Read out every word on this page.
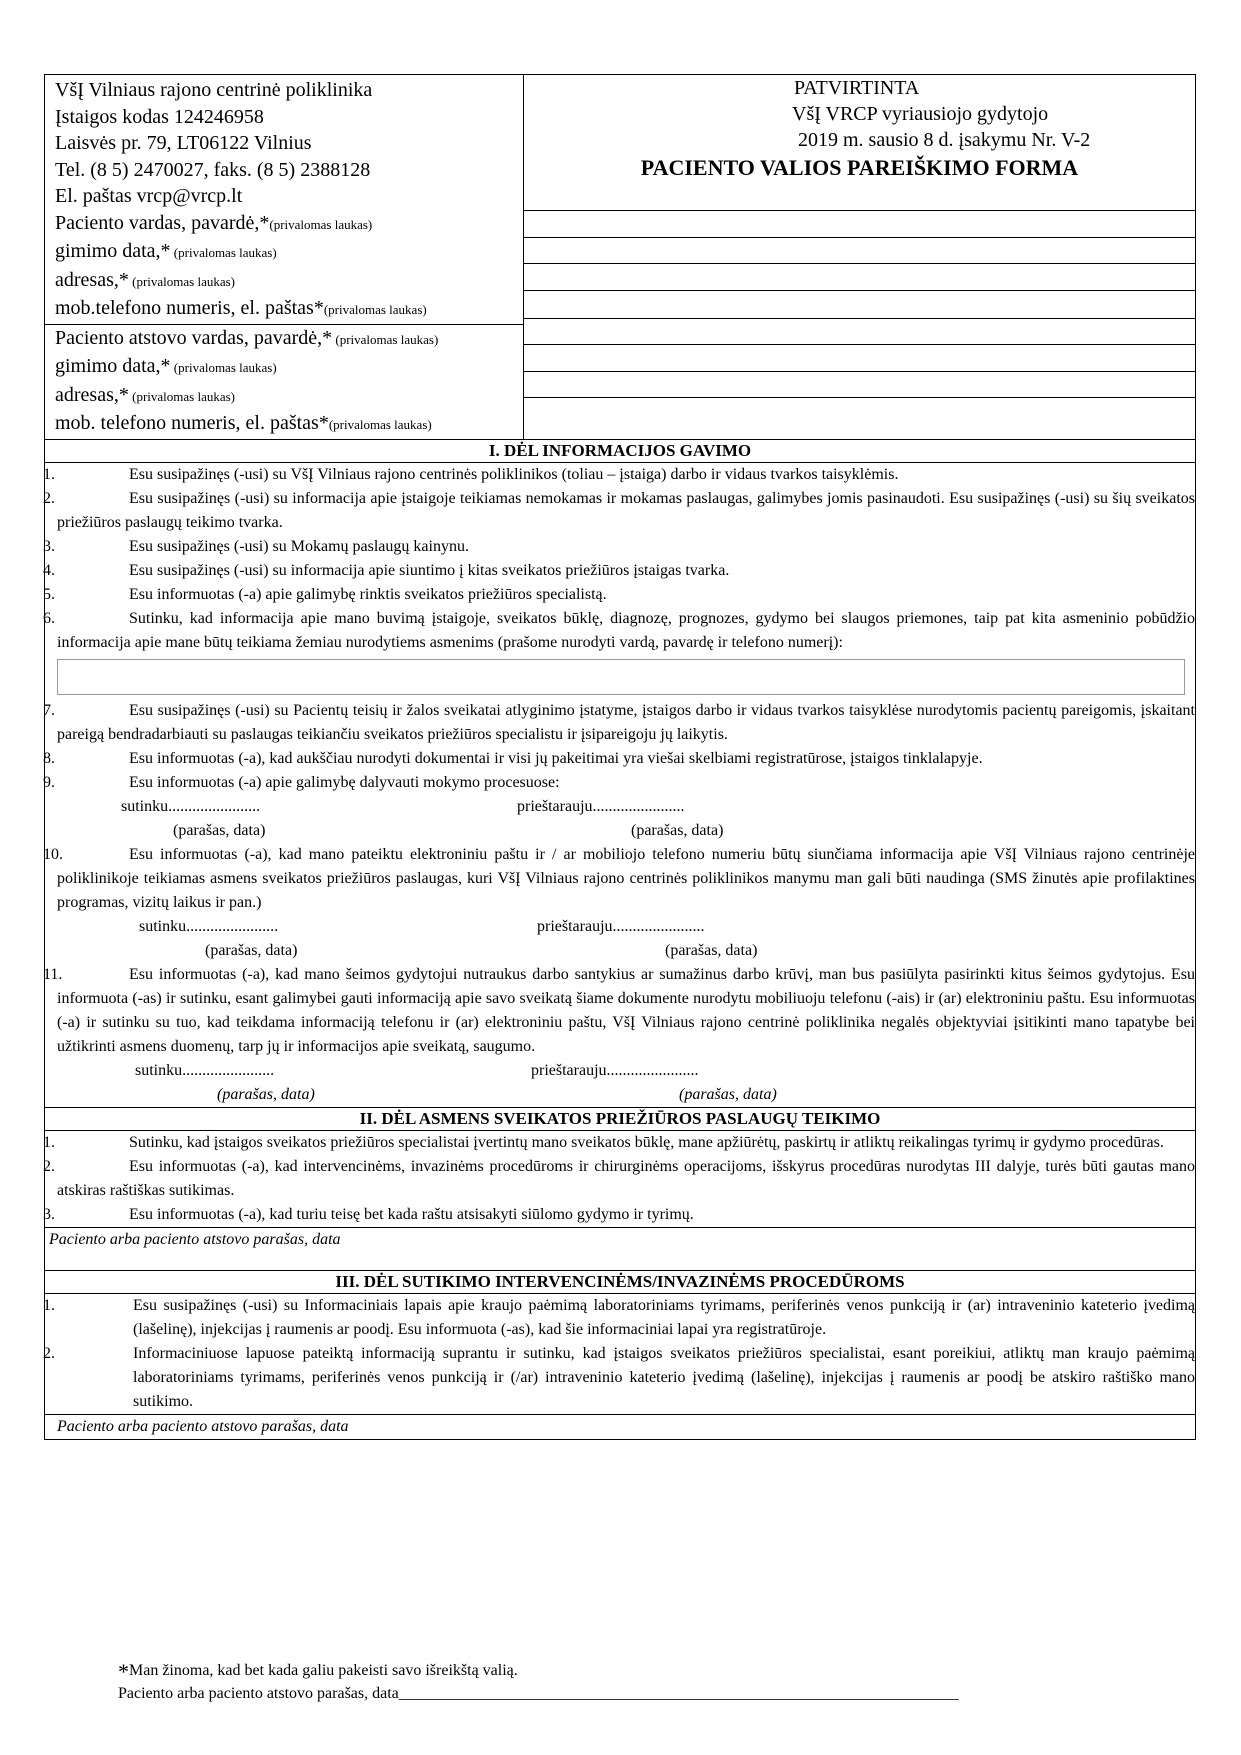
VšĮ Vilniaus rajono centrinė poliklinika
Įstaigos kodas 124246958
Laisvės pr. 79, LT06122 Vilnius
Tel. (8 5) 2470027, faks. (8 5) 2388128
El. paštas vrcp@vrcp.lt
Paciento vardas, pavardė,*(privalomas laukas)
gimimo data,* (privalomas laukas)
adresas,* (privalomas laukas)
mob.telefono numeris, el. paštas*(privalomas laukas)
Paciento atstovo vardas, pavardė,* (privalomas laukas)
gimimo data,* (privalomas laukas)
adresas,* (privalomas laukas)
mob. telefono numeris, el. paštas*(privalomas laukas)
PATVIRTINTA
VšĮ VRCP vyriausiojo gydytojo
2019 m. sausio 8 d. įsakymu Nr. V-2
PACIENTO VALIOS PAREIŠKIMO FORMA
I. DĖL INFORMACIJOS GAVIMO
1.	Esu susipažinęs (-usi) su VšĮ Vilniaus rajono centrinės poliklinikos (toliau – įstaiga) darbo ir vidaus tvarkos taisyklėmis.
2.	Esu susipažinęs (-usi) su informacija apie įstaigoje teikiamas nemokamas ir mokamas paslaugas, galimybes jomis pasinaudoti. Esu susipažinęs (-usi) su šių sveikatos priežiūros paslaugų teikimo tvarka.
3.	Esu susipažinęs (-usi) su Mokamų paslaugų kainynu.
4.	Esu susipažinęs (-usi) su informacija apie siuntimo į kitas sveikatos priežiūros įstaigas tvarka.
5.	Esu informuotas (-a) apie galimybę rinktis sveikatos priežiūros specialistą.
6.	Sutinku, kad informacija apie mano buvimą įstaigoje, sveikatos būklę, diagnozę, prognozes, gydymo bei slaugos priemones, taip pat kita asmeninio pobūdžio informacija apie mane būtų teikiama žemiau nurodytiems asmenims (prašome nurodyti vardą, pavardę ir telefono numerį):
7.	Esu susipažinęs (-usi) su Pacientų teisių ir žalos sveikatai atlyginimo įstatyme, įstaigos darbo ir vidaus tvarkos taisyklėse nurodytomis pacientų pareigomis, įskaitant pareigą bendradarbiauti su paslaugas teikiančiu sveikatos priežiūros specialistu ir įsipareigoju jų laikytis.
8.	Esu informuotas (-a), kad aukščiau nurodyti dokumentai ir visi jų pakeitimai yra viešai skelbiami registratūrose, įstaigos tinklalapyje.
9.	Esu informuotas (-a) apie galimybę dalyvauti mokymo procesuose:
sutinku.......................	prieštarauju.......................
(parašas, data)	(parašas, data)
10.	Esu informuotas (-a), kad mano pateiktu elektroniniu paštu ir / ar mobiliojo telefono numeriu būtų siunčiama informacija apie VšĮ Vilniaus rajono centrinėje poliklinikoje teikiamas asmens sveikatos priežiūros paslaugas, kuri VšĮ Vilniaus rajono centrinės poliklinikos manymu man gali būti naudinga (SMS žinutės apie profilaktines programas, vizitų laikus ir pan.)
sutinku.......................	prieštarauju.......................
(parašas, data)	(parašas, data)
11.	Esu informuotas (-a), kad mano šeimos gydytojui nutraukus darbo santykius ar sumažinus darbo krūvį, man bus pasiūlyta pasirinkti kitus šeimos gydytojus. Esu informuota (-as) ir sutinku, esant galimybei gauti informaciją apie savo sveikatą šiame dokumente nurodytu mobiliuoju telefonu (-ais) ir (ar) elektroniniu paštu. Esu informuotas (-a) ir sutinku su tuo, kad teikdama informaciją telefonu ir (ar) elektroniniu paštu, VšĮ Vilniaus rajono centrinė poliklinika negalės objektyviai įsitikinti mano tapatybe bei užtikrinti asmens duomenų, tarp jų ir informacijos apie sveikatą, saugumo.
sutinku.......................	prieštarauju.......................
(parašas, data)	(parašas, data)
II. DĖL ASMENS SVEIKATOS PRIEŽIŪROS PASLAUGŲ TEIKIMO
1.	Sutinku, kad įstaigos sveikatos priežiūros specialistai įvertintų mano sveikatos būklę, mane apžiūrėtų, paskirtų ir atliktų reikalingas tyrimų ir gydymo procedūras.
2.	Esu informuotas (-a), kad intervencinėms, invazinėms procedūroms ir chirurginėms operacijoms, išskyrus procedūras nurodytas III dalyje, turės būti gautas mano atskiras raštiškas sutikimas.
3.	Esu informuotas (-a), kad turiu teisę bet kada raštu atsisakyti siūlomo gydymo ir tyrimų.
Paciento arba paciento atstovo parašas, data
III. DĖL SUTIKIMO INTERVENCINĖMS/INVAZINĖMS PROCEDŪROMS
1.	Esu susipažinęs (-usi) su Informaciniais lapais apie kraujo paėmimą laboratoriniams tyrimams, periferinės venos punkciją ir (ar) intraveninio kateterio įvedimą (lašelinę), injekcijas į raumenis ar poodį. Esu informuota (-as), kad šie informaciniai lapai yra registratūroje.
2.	Informaciniuose lapuose pateiktą informaciją suprantu ir sutinku, kad įstaigos sveikatos priežiūros specialistai, esant poreikiui, atliktų man kraujo paėmimą laboratoriniams tyrimams, periferinės venos punkciją ir (/ar) intraveninio kateterio įvedimą (lašelinę), injekcijas į raumenis ar poodį be atskiro raštiško mano sutikimo.
Paciento arba paciento atstovo parašas, data
*Man žinoma, kad bet kada galiu pakeisti savo išreikštą valią.
Paciento arba paciento atstovo parašas, data______________________________________________________________________
